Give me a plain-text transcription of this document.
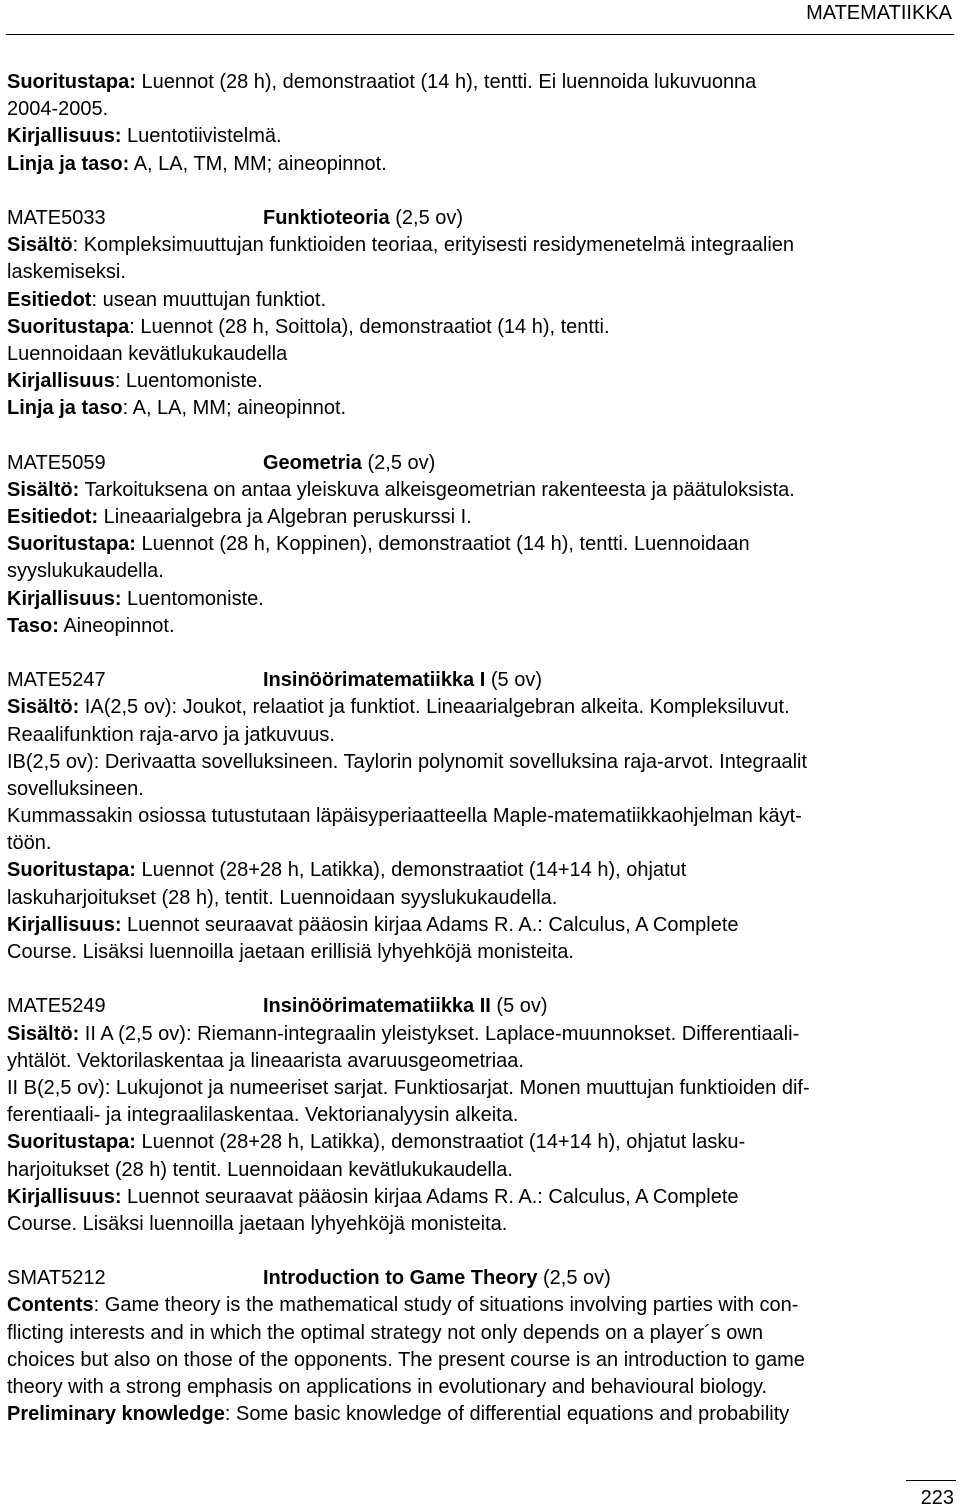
MATEMATIIKKA
Suoritustapa: Luennot (28 h), demonstraatiot (14 h), tentti. Ei luennoida lukuvuonna
2004-2005.
Kirjallisuus: Luentotiivistelmä.
Linja ja taso: A, LA, TM, MM; aineopinnot.
MATE5033	Funktioteoria (2,5 ov)
Sisältö: Kompleksimuuttujan funktioiden teoriaa, erityisesti residymenetelmä integraalien
laskemiseksi.
Esitiedot: usean muuttujan funktiot.
Suoritustapa: Luennot (28 h, Soittola), demonstraatiot (14 h), tentti.
Luennoidaan kevätlukukaudella
Kirjallisuus: Luentomoniste.
Linja ja taso: A, LA, MM; aineopinnot.
MATE5059	Geometria (2,5 ov)
Sisältö: Tarkoituksena on antaa yleiskuva alkeisgeometrian rakenteesta ja päätuloksista.
Esitiedot: Lineaarialgebra ja Algebran peruskurssi I.
Suoritustapa: Luennot (28 h, Koppinen), demonstraatiot (14 h), tentti. Luennoidaan
syyslukukaudella.
Kirjallisuus: Luentomoniste.
Taso: Aineopinnot.
MATE5247	Insinöörimatematiikka I (5 ov)
Sisältö: IA(2,5 ov): Joukot, relaatiot ja funktiot. Lineaarialgebran alkeita. Kompleksiluvut.
Reaalifunktion raja-arvo ja jatkuvuus.
IB(2,5 ov): Derivaatta sovelluksineen. Taylorin polynomit sovelluksina raja-arvot. Integraalit
sovelluksineen.
Kummassakin osiossa tutustutaan läpäisyperiaatteella Maple-matematiikkaohjelman käyt-
töön.
Suoritustapa: Luennot (28+28 h, Latikka), demonstraatiot (14+14 h), ohjatut
laskuharjoitukset (28 h), tentit. Luennoidaan syyslukukaudella.
Kirjallisuus: Luennot seuraavat pääosin kirjaa Adams R. A.: Calculus, A Complete
Course. Lisäksi luennoilla jaetaan erillisiä lyhyehköjä monisteita.
MATE5249	Insinöörimatematiikka II (5 ov)
Sisältö: II A (2,5 ov): Riemann-integraalin yleistykset. Laplace-muunnokset. Differentiaali-
yhtälöt. Vektorilaskentaa ja lineaarista avaruusgeometriaa.
II B(2,5 ov): Lukujonot ja numeeriset sarjat. Funktiosarjat. Monen muuttujan funktioiden dif-
ferentiaali- ja integraalilaskentaa. Vektorianalyysin alkeita.
Suoritustapa: Luennot (28+28 h, Latikka), demonstraatiot (14+14 h), ohjatut lasku-
harjoitukset (28 h) tentit. Luennoidaan kevätlukukaudella.
Kirjallisuus: Luennot seuraavat pääosin kirjaa Adams R. A.: Calculus, A Complete
Course. Lisäksi luennoilla jaetaan lyhyehköjä monisteita.
SMAT5212	Introduction to Game Theory (2,5 ov)
Contents: Game theory is the mathematical study of situations involving parties with con-
flicting interests and in which the optimal strategy not only depends on a player´s own
choices but also on those of the opponents. The present course is an introduction to game
theory with a strong emphasis on applications in evolutionary and behavioural biology.
Preliminary knowledge: Some basic knowledge of differential equations and probability
223
